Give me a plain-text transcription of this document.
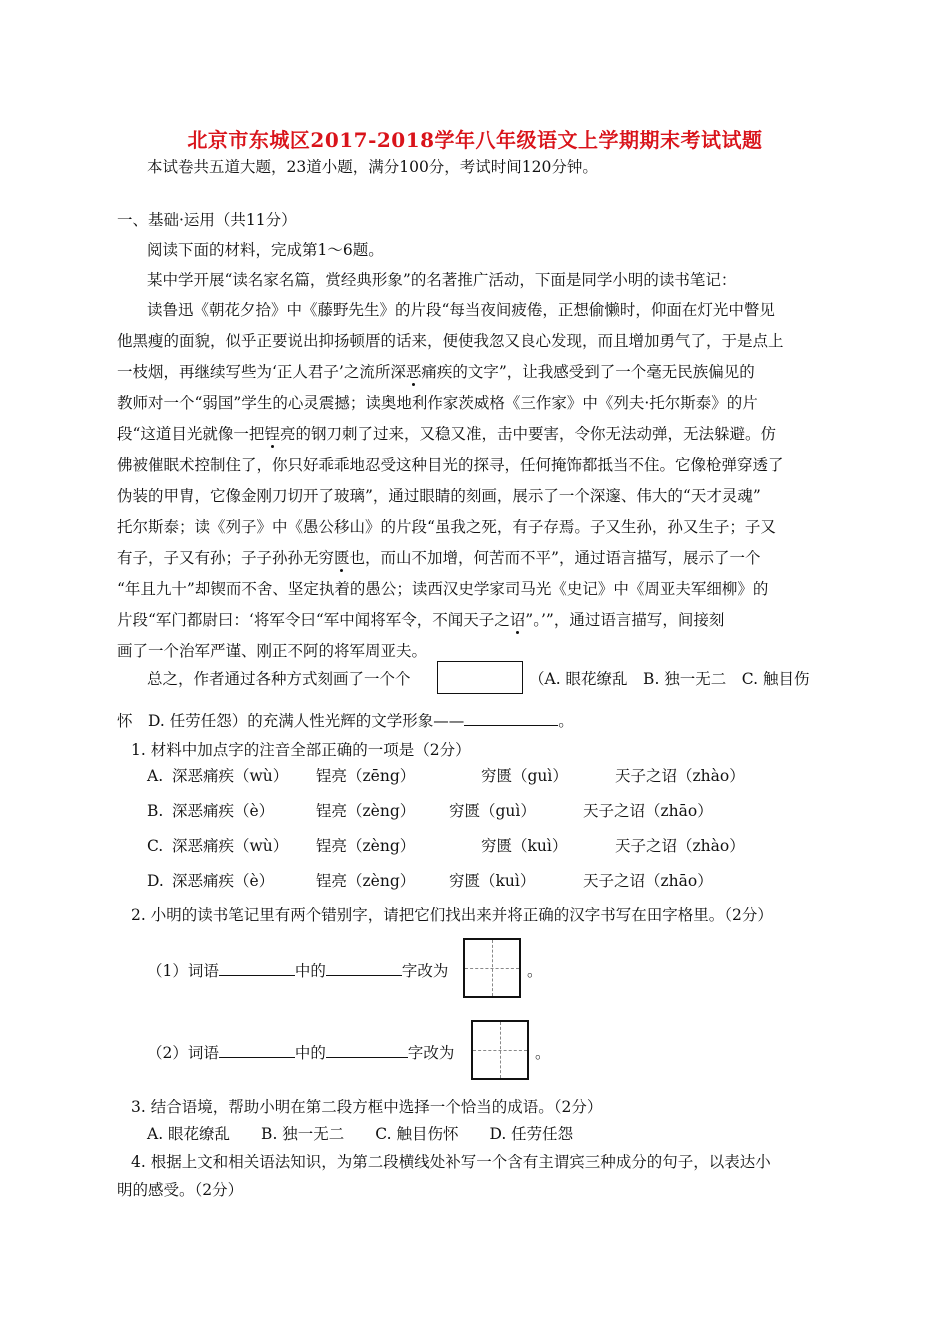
北京市东城区2017-2018学年八年级语文上学期期末考试试题
本试卷共五道大题，23道小题，满分100分，考试时间120分钟。
一、基础·运用（共11分）
阅读下面的材料，完成第1～6题。
某中学开展“读名家名篇，赏经典形象”的名著推广活动，下面是同学小明的读书笔记：
读鲁迅《朝花夕拾》中《藤野先生》的片段“每当夜间疲倦，正想偷懒时，仰面在灯光中瞥见
他黑瘦的面貌，似乎正要说出抑扬顿厝的话来，便使我忽又良心发现，而且增加勇气了，于是点上
一枝烟，再继续写些为‘正人君子’之流所深恶痛疾的文字”，让我感受到了一个毫无民族偏见的
教师对一个“弱国”学生的心灵震撼；读奥地利作家茨威格《三作家》中《列夫·托尔斯泰》的片
段“这道目光就像一把锃亮的钢刀刺了过来，又稳又准，击中要害，令你无法动弹，无法躲避。仿
佛被催眠术控制住了，你只好乖乖地忍受这种目光的探寻，任何掩饰都抵当不住。它像枪弹穿透了
伪装的甲胄，它像金刚刀切开了玻璃”，通过眼睛的刻画，展示了一个深邃、伟大的“天才灵魂”
托尔斯泰；读《列子》中《愚公移山》的片段“虽我之死，有子存焉。子又生孙，孙又生子；子又
有子，子又有孙；子子孙孙无穷匮也，而山不加增，何苦而不平”，通过语言描写，展示了一个
“年且九十”却锲而不舍、坚定执着的愚公；读西汉史学家司马光《史记》中《周亚夫军细柳》的
片段“军门都尉曰：‘将军令曰“军中闻将军令，不闻天子之诏”。’”，通过语言描写，间接刻
画了一个治军严谨、刚正不阿的将军周亚夫。
总之，作者通过各种方式刻画了一个个	（A. 眼花缭乱　B. 独一无二　C. 触目伤
怀　D. 任劳任怨）的充满人性光辉的文学形象——	。
1. 材料中加点字的注音全部正确的一项是（2分）
A. 深恶痛疾（wù） 锃亮（zēng）	穷匮（guì）	天子之诏（zhào）
B. 深恶痛疾（è）	锃亮（zèng） 穷匮（guì）	天子之诏（zhāo）
C. 深恶痛疾（wù） 锃亮（zèng）	穷匮（kuì）	天子之诏（zhào）
D. 深恶痛疾（è）	锃亮（zèng） 穷匮（kuì）	天子之诏（zhāo）
2. 小明的读书笔记里有两个错别字，请把它们找出来并将正确的汉字书写在田字格里。（2分）
（1）词语	中的	字改为	。
（2）词语	中的	字改为	。
3. 结合语境，帮助小明在第二段方框中选择一个恰当的成语。（2分）
A. 眼花缭乱　　B. 独一无二　　C. 触目伤怀　　D. 任劳任怨
4. 根据上文和相关语法知识，为第二段横线处补写一个含有主谓宾三种成分的句子，以表达小
明的感受。（2分）
